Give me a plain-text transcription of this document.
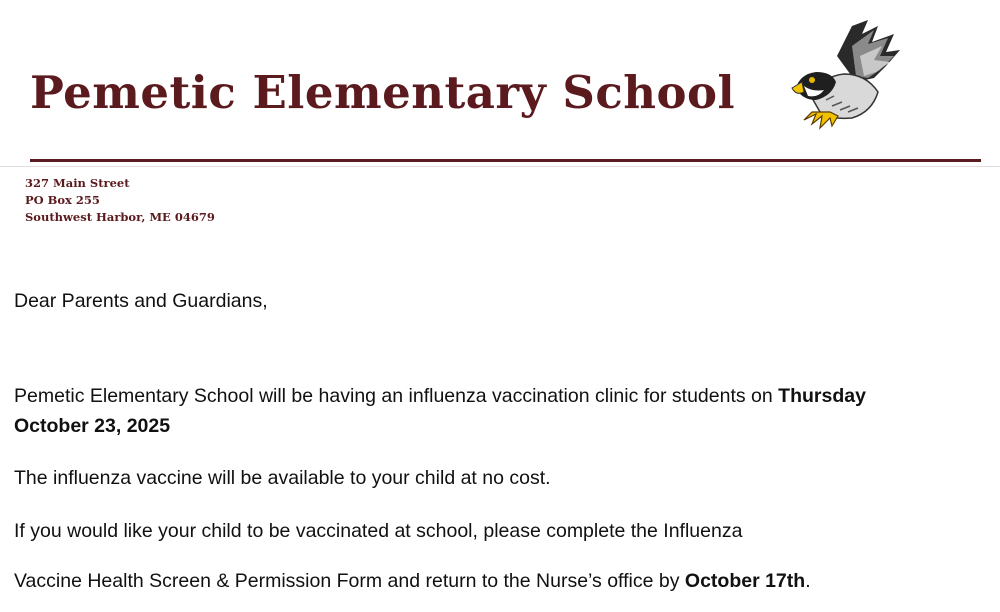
Pemetic Elementary School
327 Main Street
PO Box 255
Southwest Harbor, ME 04679
Dear Parents and Guardians,
Pemetic Elementary School will be having an influenza vaccination clinic for students on Thursday
October 23, 2025
The influenza vaccine will be available to your child at no cost.
If you would like your child to be vaccinated at school, please complete the Influenza
Vaccine Health Screen & Permission Form and return to the Nurse’s office by October 17th.
